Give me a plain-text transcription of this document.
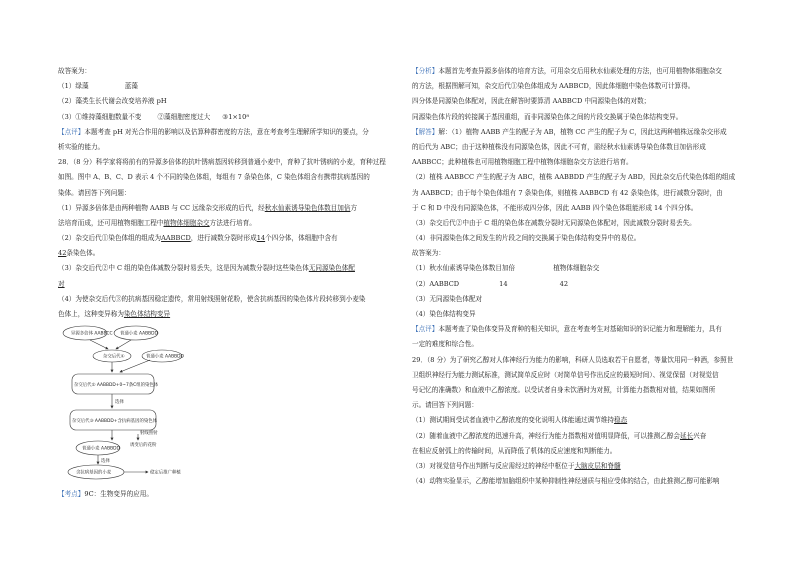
故答案为：
（1）绿藻	蓝藻
（2）藻类生长代谢会改变培养液 pH
（3）①维持藻细胞数量不变 ②藻细胞密度过大 ③1×10⁸
【点评】本题考查 pH 对光合作用的影响以及估算种群密度的方法，意在考查考生理解所学知识的要点，分
析实验的能力。
28．（8 分）科学家将将前有的异源多倍体的抗叶锈病基因转移到普通小麦中，育种了抗叶锈病的小麦，育种过程
如图。图中 A、B、C、D 表示 4 个不同的染色体组，每组有 7 条染色体，C 染色体组含有携带抗病基因的
染体。请回答下列问题：
（1）异源多倍体是由两种植物 AABB 与 CC 远缘杂交形成的后代，经秋水仙素诱导染色体数目加倍方
法培育而成，还可用植物细胞工程中植物体细胞杂交方法进行培育。
（2）杂交后代①染色体组的组成为AABBCD，进行减数分裂时形成14个四分体，体细胞中含有
42条染色体。
（3）杂交后代②中 C 组的染色体减数分裂时易丢失，这是因为减数分裂时这些染色体无同源染色体配
对
（4）为使杂交后代③的抗病基因稳定遗传，常用射线照射花粉，使含抗病基因的染色体片段转移到小麦染
色体上，这种变异称为染色体结构变异
异源多倍体 AABBCC 普通小麦 AABBDD
杂交后代①	普通小麦 AABBDD
杂交后代② AABBDD+0~7条C组的染色体
选择
杂交后代③ AABBDD+含抗病基因的染色体
射线照射
诱变后的花粉
普通小麦 AABBDD
选择
含抗病基因的小麦	稳定后推广种植
【考点】9C：生物变异的应用。
【分析】本题首先考查异源多倍体的培育方法，可用杂交后用秋水仙素处理的方法，也可用植物体细胞杂交
的方法，根据图解可知，杂交后代①染色体组成为 AABBCD，因此体细胞中染色体数可计算得。
四分体是同源染色体配对，因此在解答时要算清 AABBCD 中同源染色体的对数；
同源染色体片段的转接属于基因重组，而非同源染色体之间的片段交换属于染色体结构变异。
【解答】解：（1）植物 AABB 产生的配子为 AB，植物 CC 产生的配子为 C，因此这两种植株远缘杂交形成
的后代为 ABC；由于这种植株没有同源染色体，因此不可育，需经秋水仙素诱导染色体数目加倍形成
AABBCC；此种植株也可用植物细胞工程中植物体细胞杂交方法进行培育。
（2）植株 AABBCC 产生的配子为 ABC，植株 AABBDD 产生的配子为 ABD，因此杂交后代染色体组的组成
为 AABBCD；由于每个染色体组有 7 条染色体，则植株 AABBCD 有 42 条染色体，进行减数分裂时，由
于 C 和 D 中没有同源染色体，不能形成四分体，因此 AABB 四个染色体组能形成 14 个四分体。
（3）杂交后代②中由于 C 组的染色体在减数分裂时无同源染色体配对，因此减数分裂时易丢失。
（4）非同源染色体之间发生的片段之间的交换属于染色体结构变异中的易位。
故答案为：
（1）秋水仙素诱导染色体数目加倍	植物体细胞杂交
（2）AABBCD	14	42
（3）无同源染色体配对
（4）染色体结构变异
【点评】本题考查了染色体变异及育种的相关知识，意在考查考生对基础知识的识记能力和理解能力，具有
一定的难度和综合性。
29．（8 分）为了研究乙醇对人体神经行为能力的影响，科研人员选取若干自愿者，等量饮用同一种酒，参照世
卫组织神经行为能力测试标准，测试简单反应时（对简单信号作出反应的最短时间）、视觉保留（对视觉信
号记忆的准确数）和血液中乙醇浓度。以受试者自身未饮酒时为对照，计算能力指数相对值，结果如图所
示。请回答下列问题：
（1）测试期间受试者血液中乙醇浓度的变化说明人体能通过调节维持稳态
（2）随着血液中乙醇浓度的迅速升高，神经行为能力指数相对值明显降低，可以推测乙醇会延长兴奋
在相应反射弧上的传输时间，从而降低了机体的反应速度和判断能力。
（3）对视觉信号作出判断与反应需经过的神经中枢位于大脑皮层和脊髓
（4）动物实验显示，乙醇能增加脑组织中某种抑制性神经递质与相应受体的结合，由此推测乙醇可能影响
